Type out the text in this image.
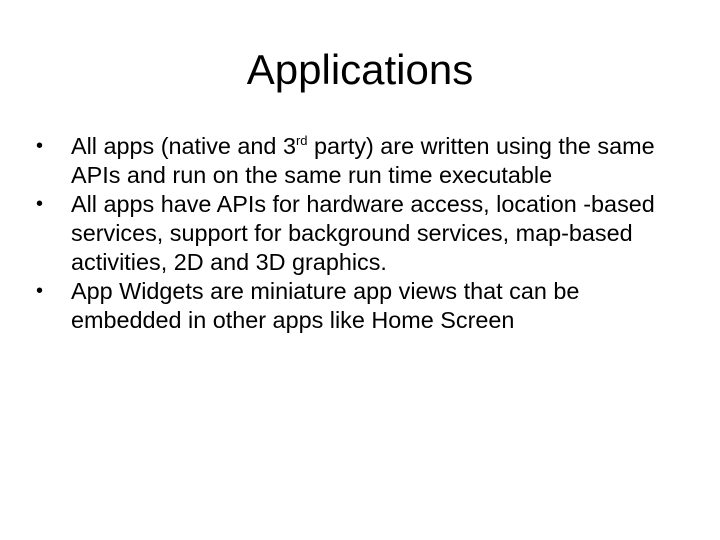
Applications
• All apps (native and 3rd party) are written using the same APIs and run on the same run time executable
• All apps have APIs for hardware access, location -based services, support for background services, map-based activities, 2D and 3D graphics.
• App Widgets are miniature app views that can be embedded in other apps like Home Screen
